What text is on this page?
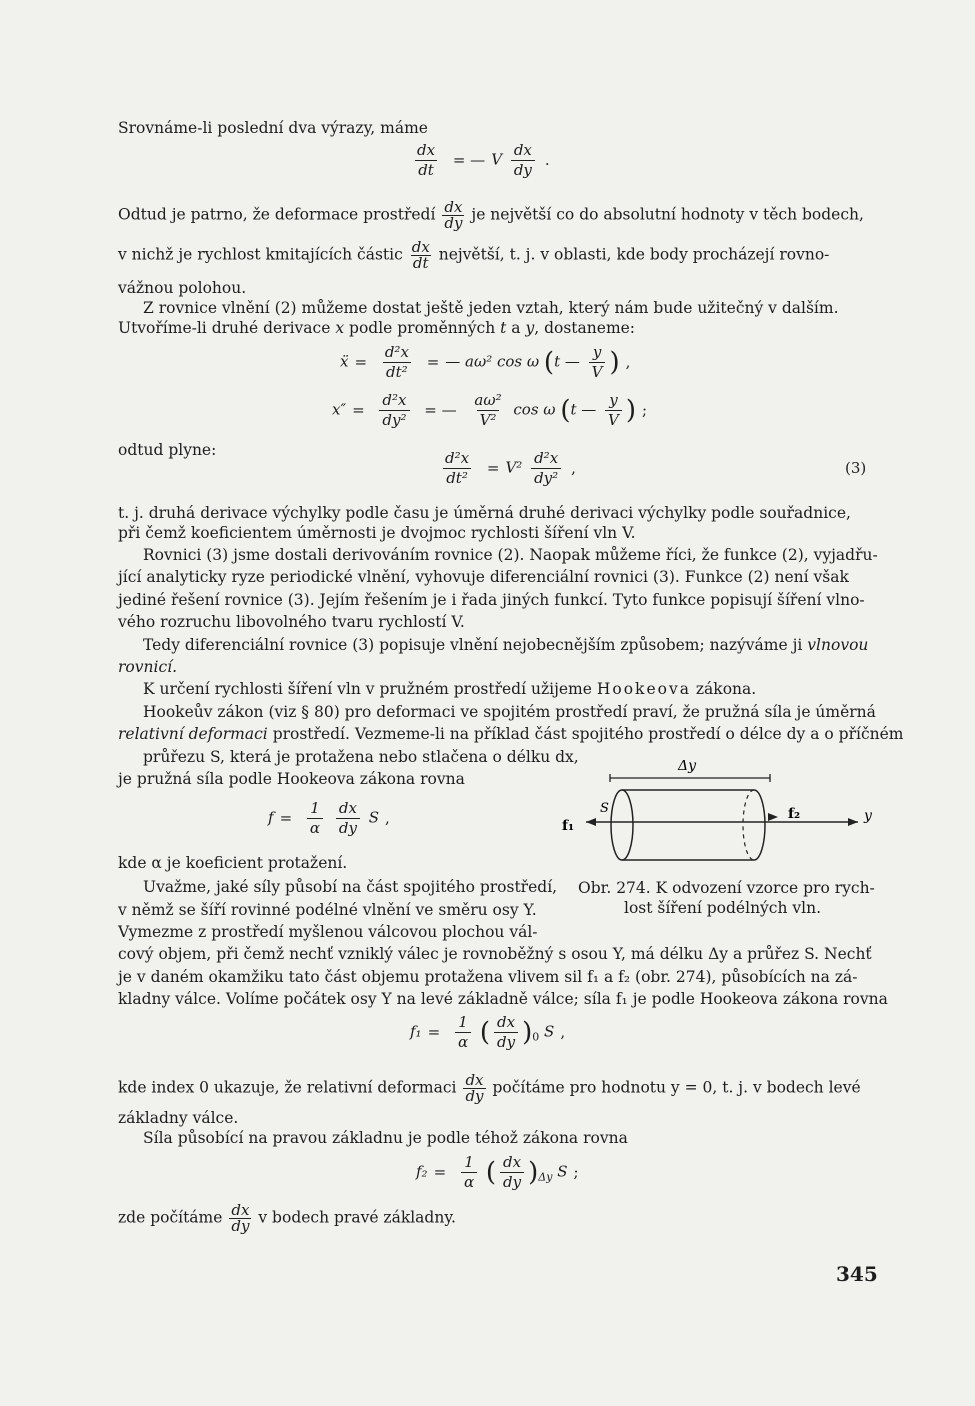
Srovnáme-li poslední dva výrazy, máme

$\frac{dx}{dt}$ = — V $\frac{dx}{dy}$ .

Odtud je patrno, že deformace prostředí $\frac{dx}{dy}$ je největší co do absolutní hodnoty v těch bodech,

v nichž je rychlost kmitajících částic $\frac{dx}{dt}$ největší, t. j. v oblasti, kde body procházejí rovno-

vážnou polohou.

Z rovnice vlnění (2) můžeme dostat ještě jeden vztah, který nám bude užitečný v dalším.

Utvoříme-li druhé derivace x podle proměnných t a y, dostaneme:

ẍ = $\frac{\text{d²x}}{\text{dt²}}$ = — aω² cos ω (t — $\frac{y}{V}$ ) ,
$x'' = \frac{\text{d²x}}{\text{dy²}}$ = — $\frac{\text{aω²}}{\text{V²}}$ cos ω (t — $\frac{y}{V}$ ) ;

odtud plyne:	$\frac{\text{d²x}}{\text{dt²}} = V^2 \frac{\text{d²x}}{\text{dy²}}$ ,	(3)

t. j. druhá derivace výchylky podle času je úměrná druhé derivaci výchylky podle souřadnice,

při čemž koeficientem úměrnosti je dvojmoc rychlosti šíření vln V.

Rovnici (3) jsme dostali derivováním rovnice (2). Naopak můžeme říci, že funkce (2), vyjadřu-

jící analyticky ryze periodické vlnění, vyhovuje diferenciální rovnici (3). Funkce (2) není však

jediné řešení rovnice (3). Jejím řešením je i řada jiných funkcí. Tyto funkce popisují šíření vlno-

vého rozruchu libovolného tvaru rychlostí V.

Tedy diferenciální rovnice (3) popisuje vlnění nejobecnějším způsobem; nazýváme ji vlnovou

rovnicí.

K určení rychlosti šíření vln v pružném prostředí užijeme Hookeova zákona.

Hookeův zákon (viz § 80) pro deformaci ve spojitém prostředí praví, že pružná síla je úměrná

relativní deformaci prostředí. Vezmeme-li na příklad část spojitého prostředí o délce dy a o příčném

průřezu S, která je protažena nebo stlačena o délku dx,

je pružná síla podle Hookeova zákona rovna

$f = \frac{1}{\alpha}$
$\frac{dx}{dy}$ S ,
Δy
f₁
S	f₂	y
Obr. 274. K odvození vzorce pro rych-
lost šíření podélných vln.

kde α je koeficient protažení.

Uvažme, jaké síly působí na část spojitého prostředí,

v němž se šíří rovinné podélné vlnění ve směru osy Y.

Vymezme z prostředí myšlenou válcovou plochou vál-

cový objem, při čemž nechť vzniklý válec je rovnoběžný s osou Y, má délku Δy a průřez S. Nechť

je v daném okamžiku tato část objemu protažena vlivem sil f₁ a f₂ (obr. 274), působících na zá-

kladny válce. Volíme počátek osy Y na levé základně válce; síla f₁ je podle Hookeova zákona rovna

$f_1 = \frac{1}{\alpha}$ ( $\frac{dx}{dy} )_0$ S ,

kde index 0 ukazuje, že relativní deformaci $\frac{dx}{dy}$ počítáme pro hodnotu y = 0, t. j. v bodech levé

základny válce.

Síla působící na pravou základnu je podle téhož zákona rovna

$f_2 = \frac{1}{\alpha}$ ( $\frac{dx}{dy} )_{\Delta y}$ S ;

zde počítáme $\frac{dx}{dy}$ v bodech pravé základny.

345
